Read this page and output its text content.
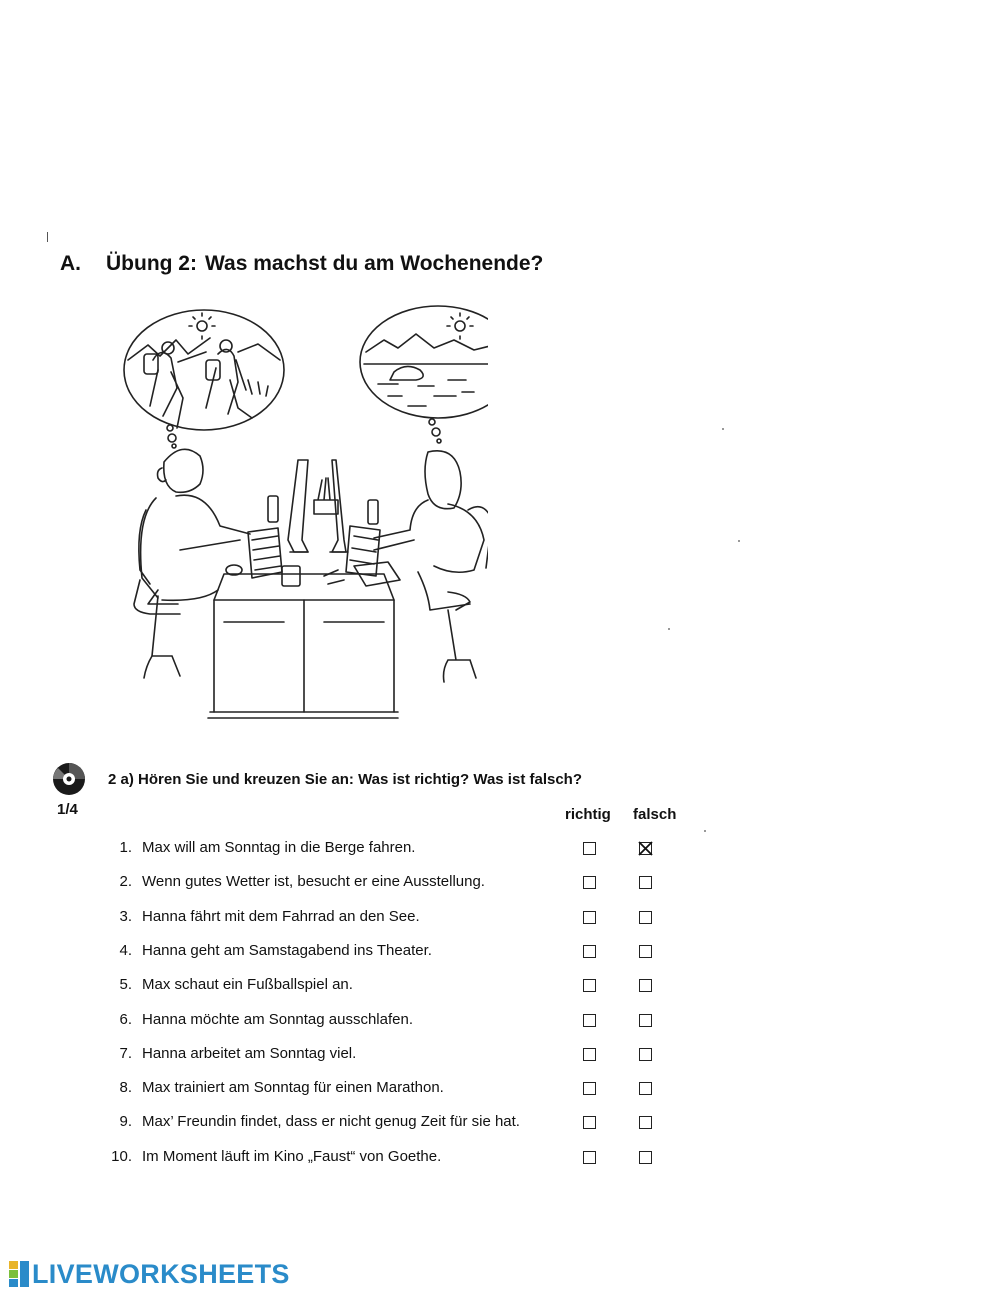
A. Übung 2: Was machst du am Wochenende?
1/4
2 a) Hören Sie und kreuzen Sie an: Was ist richtig? Was ist falsch?
richtig falsch
1. Max will am Sonntag in die Berge fahren.
2. Wenn gutes Wetter ist, besucht er eine Ausstellung.
3. Hanna fährt mit dem Fahrrad an den See.
4. Hanna geht am Samstagabend ins Theater.
5. Max schaut ein Fußballspiel an.
6. Hanna möchte am Sonntag ausschlafen.
7. Hanna arbeitet am Sonntag viel.
8. Max trainiert am Sonntag für einen Marathon.
9. Max’ Freundin findet, dass er nicht genug Zeit für sie hat.
10. Im Moment läuft im Kino „Faust“ von Goethe.
LIVEWORKSHEETS
